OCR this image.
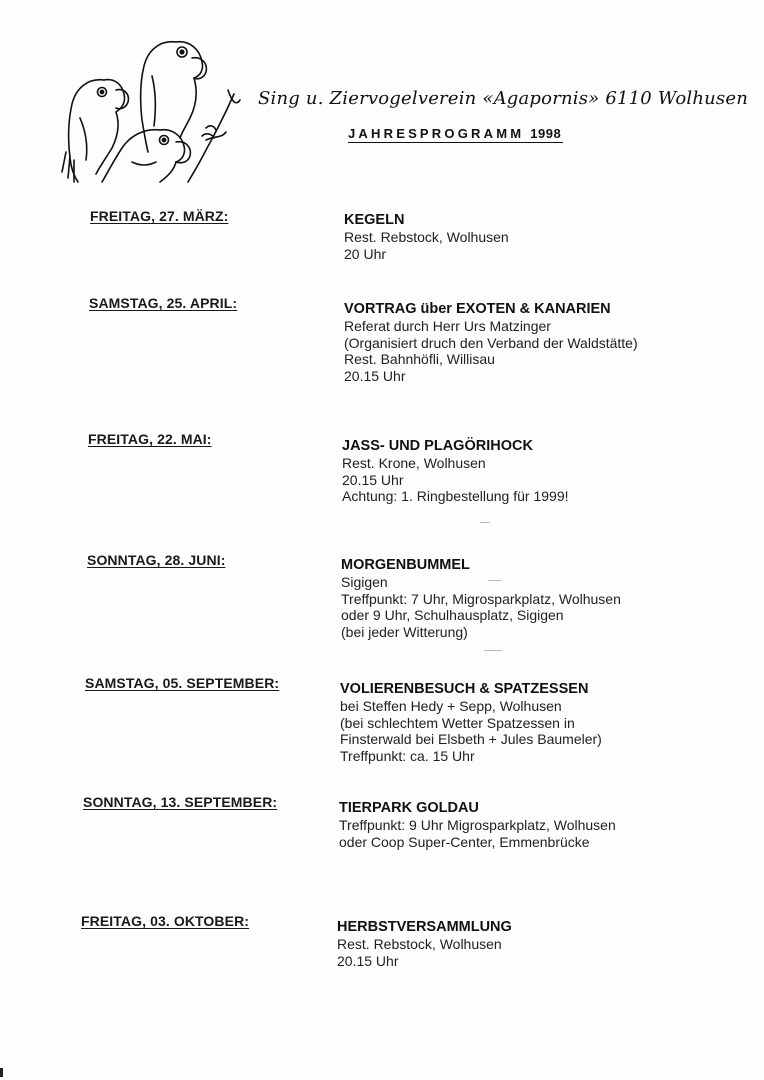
Sing u. Ziervogelverein «Agapornis» 6110 Wolhusen
JAHRESPROGRAMM 1998
FREITAG, 27. MÄRZ:	KEGELN
Rest. Rebstock, Wolhusen
20 Uhr
SAMSTAG, 25. APRIL:	VORTRAG über EXOTEN & KANARIEN
Referat durch Herr Urs Matzinger
(Organisiert druch den Verband der Waldstätte)
Rest. Bahnhöfli, Willisau
20.15 Uhr
FREITAG, 22. MAI:	JASS- UND PLAGÖRIHOCK
Rest. Krone, Wolhusen
20.15 Uhr
Achtung: 1. Ringbestellung für 1999!
SONNTAG, 28. JUNI:	MORGENBUMMEL
Sigigen
Treffpunkt: 7 Uhr, Migrosparkplatz, Wolhusen
oder 9 Uhr, Schulhausplatz, Sigigen
(bei jeder Witterung)
SAMSTAG, 05. SEPTEMBER:	VOLIERENBESUCH & SPATZESSEN
bei Steffen Hedy + Sepp, Wolhusen
(bei schlechtem Wetter Spatzessen in
Finsterwald bei Elsbeth + Jules Baumeler)
Treffpunkt: ca. 15 Uhr
SONNTAG, 13. SEPTEMBER:	TIERPARK GOLDAU
Treffpunkt: 9 Uhr Migrosparkplatz, Wolhusen
oder Coop Super-Center, Emmenbrücke
FREITAG, 03. OKTOBER:	HERBSTVERSAMMLUNG
Rest. Rebstock, Wolhusen
20.15 Uhr
